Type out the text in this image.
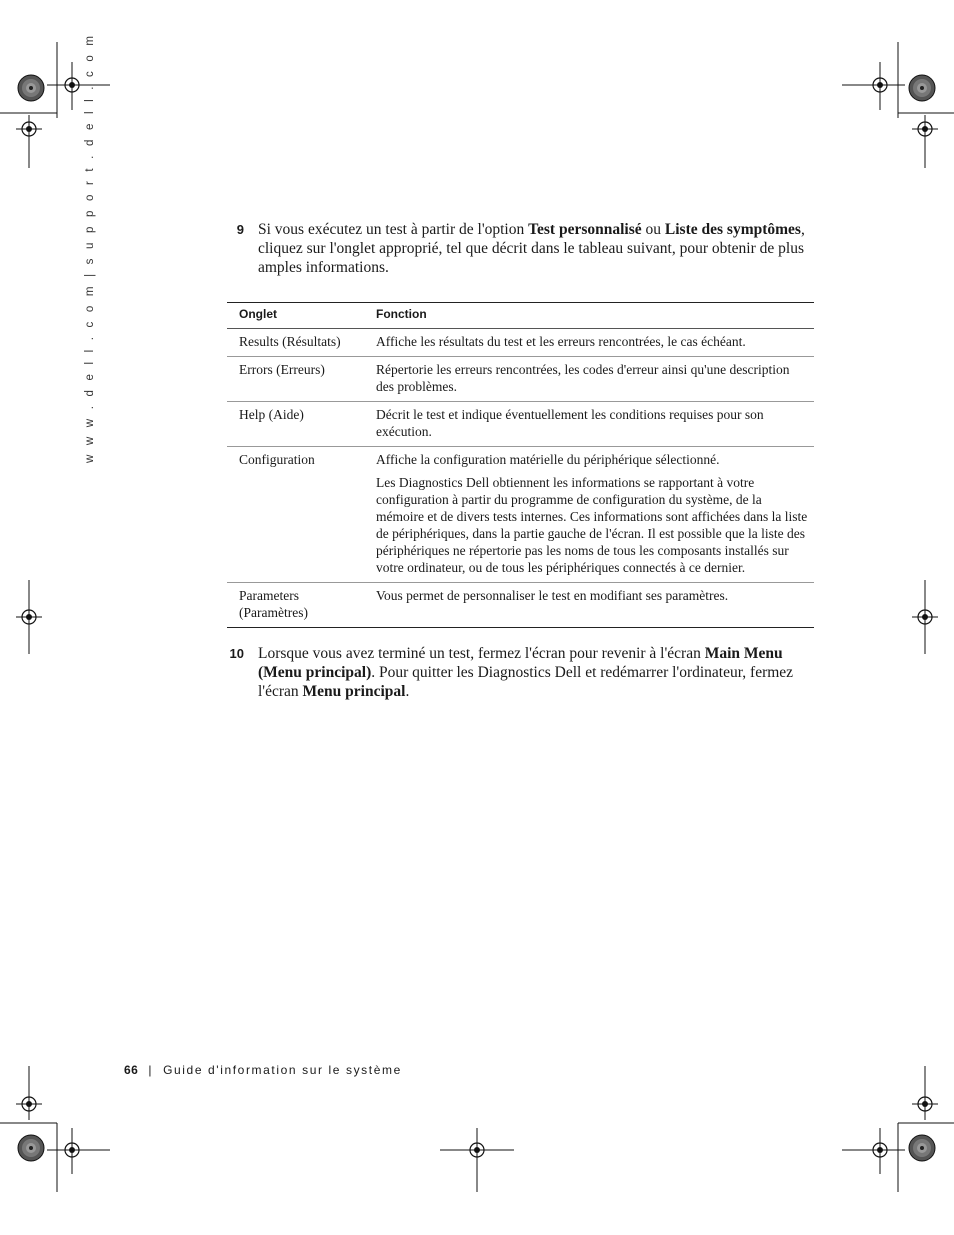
w w w . d e l l . c o m | s u p p o r t . d e l l . c o m	9 Si vous exécutez un test à partir de l'option Test personnalisé ou Liste des symptômes, cliquez sur l'onglet approprié, tel que décrit dans le tableau suivant, pour obtenir de plus amples informations.
Onglet	Fonction
Results (Résultats)	Affiche les résultats du test et les erreurs rencontrées, le cas échéant.
Errors (Erreurs)	Répertorie les erreurs rencontrées, les codes d'erreur ainsi qu'une description des problèmes.
Help (Aide)	Décrit le test et indique éventuellement les conditions requises pour son exécution.
Configuration	Affiche la configuration matérielle du périphérique sélectionné.
Les Diagnostics Dell obtiennent les informations se rapportant à votre configuration à partir du programme de configuration du système, de la mémoire et de divers tests internes. Ces informations sont affichées dans la liste de périphériques, dans la partie gauche de l'écran. Il est possible que la liste des périphériques ne répertorie pas les noms de tous les composants installés sur votre ordinateur, ou de tous les périphériques connectés à ce dernier.

Parameters (Paramètres)	Vous permet de personnaliser le test en modifiant ses paramètres.
10 Lorsque vous avez terminé un test, fermez l'écran pour revenir à l'écran Main Menu (Menu principal). Pour quitter les Diagnostics Dell et redémarrer l'ordinateur, fermez l'écran Menu principal.
66 | Guide d'information sur le système
